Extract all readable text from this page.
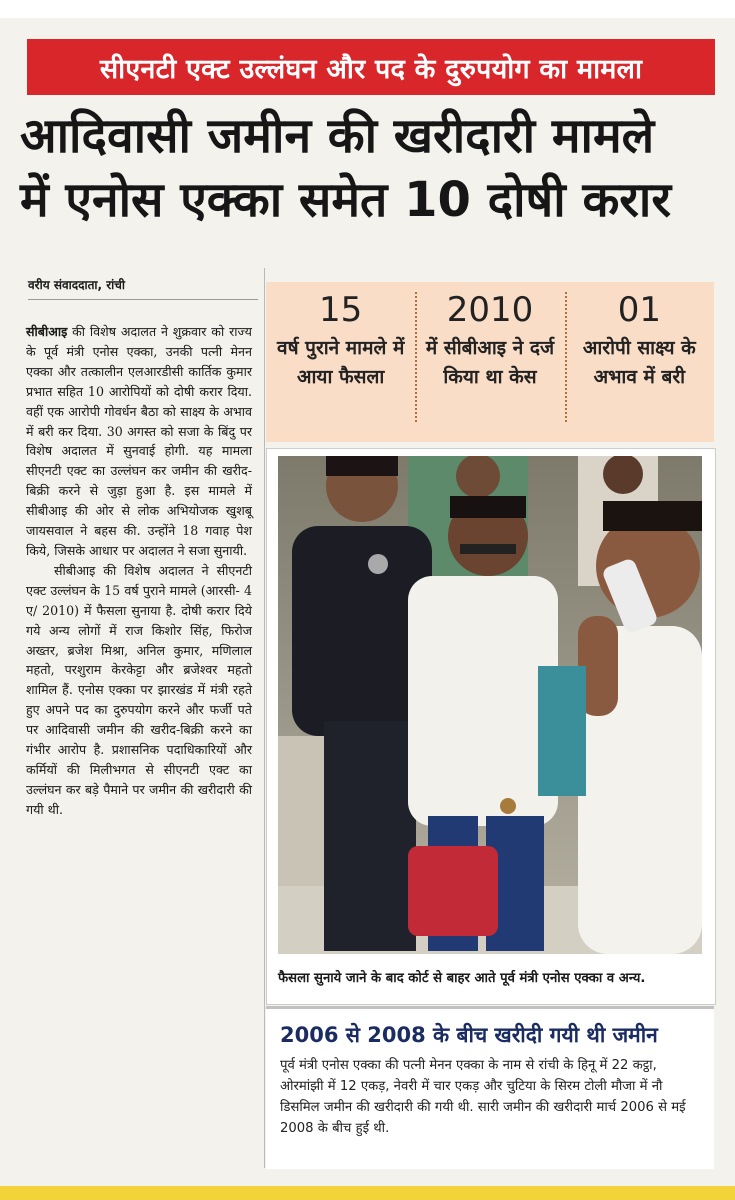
सीएनटी एक्ट उल्लंघन और पद के दुरुपयोग का मामला
आदिवासी जमीन की खरीदारी मामले
में एनोस एक्का समेत 10 दोषी करार
वरीय संवाददाता, रांची

सीबीआइ की विशेष अदालत ने शुक्रवार को राज्य के पूर्व मंत्री एनोस एक्का, उनकी पत्नी मेनन एक्का और तत्कालीन एलआरडीसी कार्तिक कुमार प्रभात सहित 10 आरोपियों को दोषी करार दिया. वहीं एक आरोपी गोवर्धन बैठा को साक्ष्य के अभाव में बरी कर दिया. 30 अगस्त को सजा के बिंदु पर विशेष अदालत में सुनवाई होगी. यह मामला सीएनटी एक्ट का उल्लंघन कर जमीन की खरीद-बिक्री करने से जुड़ा हुआ है. इस मामले में सीबीआइ की ओर से लोक अभियोजक खुशबू जायसवाल ने बहस की. उन्होंने 18 गवाह पेश किये, जिसके आधार पर अदालत ने सजा सुनायी.

सीबीआइ की विशेष अदालत ने सीएनटी एक्ट उल्लंघन के 15 वर्ष पुराने मामले (आरसी- 4 ए/ 2010) में फैसला सुनाया है. दोषी करार दिये गये अन्य लोगों में राज किशोर सिंह, फिरोज अख्तर, ब्रजेश मिश्रा, अनिल कुमार, मणिलाल महतो, परशुराम केरकेट्टा और ब्रजेश्वर महतो शामिल हैं. एनोस एक्का पर झारखंड में मंत्री रहते हुए अपने पद का दुरुपयोग करने और फर्जी पते पर आदिवासी जमीन की खरीद-बिक्री करने का गंभीर आरोप है. प्रशासनिक पदाधिकारियों और कर्मियों की मिलीभगत से सीएनटी एक्ट का उल्लंघन कर बड़े पैमाने पर जमीन की खरीदारी की गयी थी.

15
वर्ष पुराने मामले में आया फैसला
2010
में सीबीआइ ने दर्ज किया था केस
01
आरोपी साक्ष्य के अभाव में बरी
फैसला सुनाये जाने के बाद कोर्ट से बाहर आते पूर्व मंत्री एनोस एक्का व अन्य.
2006 से 2008 के बीच खरीदी गयी थी जमीन
पूर्व मंत्री एनोस एक्का की पत्नी मेनन एक्का के नाम से रांची के हिनू में 22 कट्ठा, ओरमांझी में 12 एकड़, नेवरी में चार एकड़ और चुटिया के सिरम टोली मौजा में नौ डिसमिल जमीन की खरीदारी की गयी थी. सारी जमीन की खरीदारी मार्च 2006 से मई 2008 के बीच हुई थी.
